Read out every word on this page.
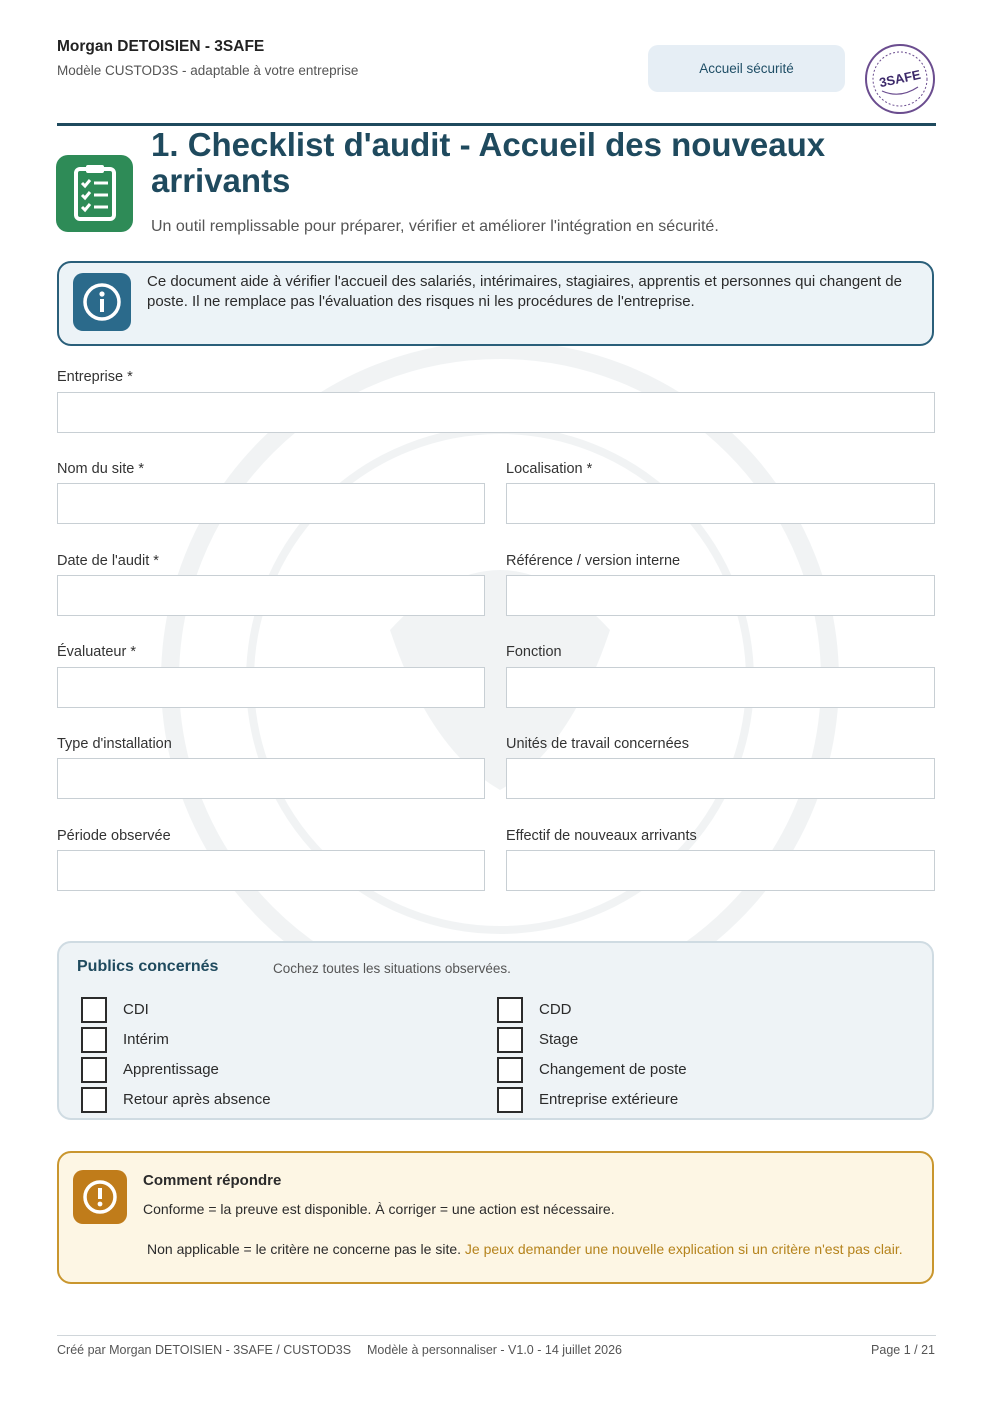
Morgan DETOISIEN - 3SAFE
Modèle CUSTOD3S - adaptable à votre entreprise	Accueil sécurité	3SAFE
1. Checklist d'audit - Accueil des nouveaux arrivants
Un outil remplissable pour préparer, vérifier et améliorer l'intégration en sécurité.
Ce document aide à vérifier l'accueil des salariés, intérimaires, stagiaires, apprentis et personnes qui changent de poste. Il ne remplace pas l'évaluation des risques ni les procédures de l'entreprise.
Entreprise *
Nom du site *	Localisation *
Date de l'audit *	Référence / version interne
Évaluateur *	Fonction
Type d'installation	Unités de travail concernées
Période observée	Effectif de nouveaux arrivants
Publics concernés	Cochez toutes les situations observées.
CDI
Intérim
Apprentissage
Retour après absence
CDD
Stage
Changement de poste
Entreprise extérieure
Comment répondre
Conforme = la preuve est disponible. À corriger = une action est nécessaire.
Non applicable = le critère ne concerne pas le site. Je peux demander une nouvelle explication si un critère n'est pas clair.
Créé par Morgan DETOISIEN - 3SAFE / CUSTOD3S Modèle à personnaliser - V1.0 - 14 juillet 2026	Page 1 / 21
